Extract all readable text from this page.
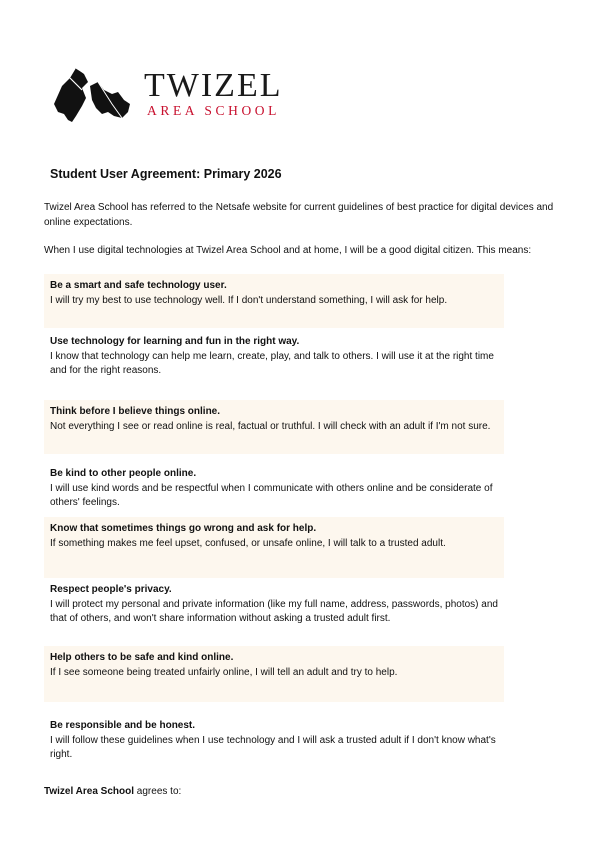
TWIZEL
AREA SCHOOL
Student User Agreement: Primary 2026
Twizel Area School has referred to the Netsafe website for current guidelines of best practice for digital devices and online expectations.
When I use digital technologies at Twizel Area School and at home, I will be a good digital citizen. This means:
Be a smart and safe technology user.
I will try my best to use technology well. If I don't understand something, I will ask for help.
Use technology for learning and fun in the right way.
I know that technology can help me learn, create, play, and talk to others. I will use it at the right time and for the right reasons.
Think before I believe things online.
Not everything I see or read online is real, factual or truthful. I will check with an adult if I'm not sure.
Be kind to other people online.
I will use kind words and be respectful when I communicate with others online and be considerate of others' feelings.
Know that sometimes things go wrong and ask for help.
If something makes me feel upset, confused, or unsafe online, I will talk to a trusted adult.
Respect people's privacy.
I will protect my personal and private information (like my full name, address, passwords, photos) and that of others, and won't share information without asking a trusted adult first.
Help others to be safe and kind online.
If I see someone being treated unfairly online, I will tell an adult and try to help.
Be responsible and be honest.
I will follow these guidelines when I use technology and I will ask a trusted adult if I don't know what's right.
Twizel Area School agrees to:
